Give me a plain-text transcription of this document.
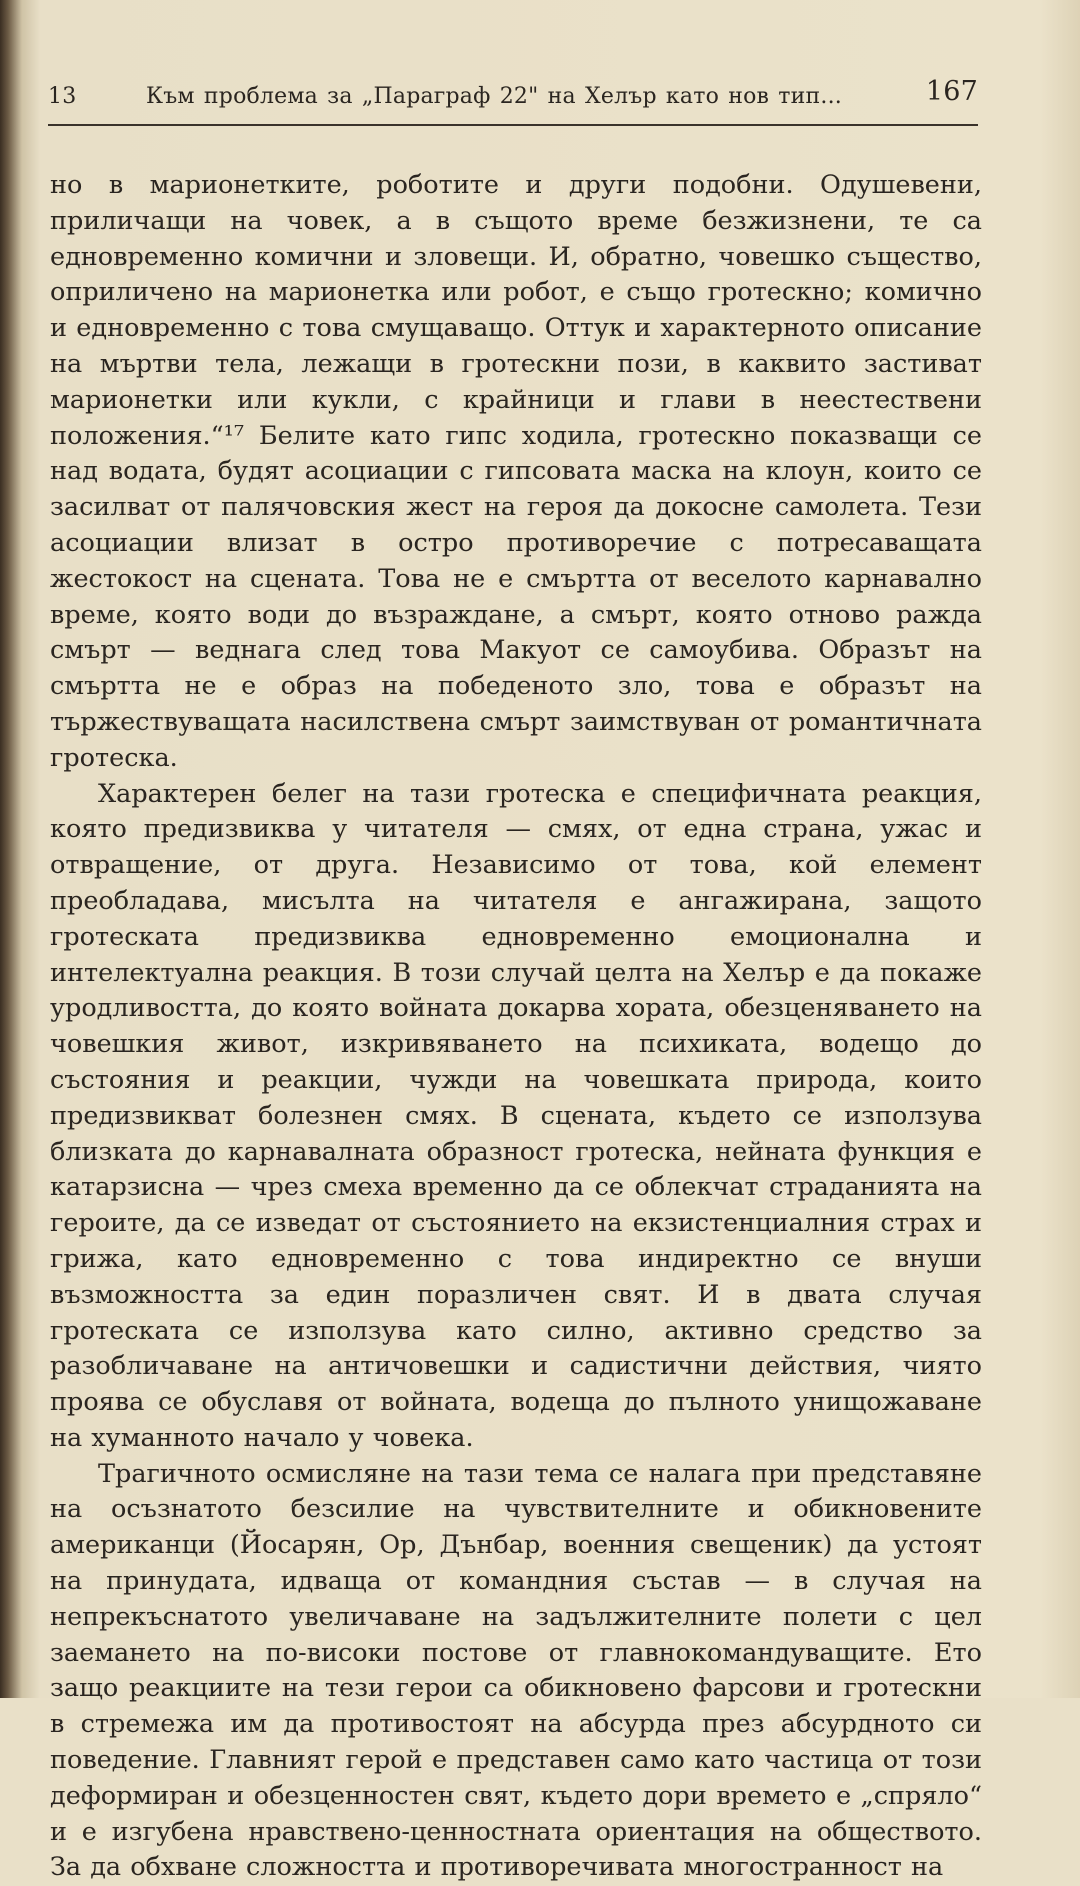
13	Към проблема за „Параграф 22" на Хелър като нов тип...	167

но в марионетките, роботите и други подобни. Одушевени, приличащи на човек, а в същото време безжизнени, те са едновременно комични и зловещи. И, обратно, човешко същество, оприличено на марионетка или робот, е също гротескно; комично и едновременно с това смущаващо. Оттук и характерното описание на мъртви тела, лежащи в гротескни пози, в каквито застиват марионетки или кукли, с крайници и глави в неестествени положения.“¹⁷ Белите като гипс ходила, гротескно показващи се над водата, будят асоциации с гипсовата маска на клоун, които се засилват от палячовския жест на героя да докосне самолета. Тези асоциации влизат в остро противоречие с потресаващата жестокост на сцената. Това не е смъртта от веселото карнавално време, която води до възраждане, а смърт, която отново ражда смърт — веднага след това Макуот се самоубива. Образът на смъртта не е образ на победеното зло, това е образът на тържествуващата насилствена смърт заимствуван от романтичната гротеска.

Характерен белег на тази гротеска е специфичната реакция, която предизвиква у читателя — смях, от една страна, ужас и отвращение, от друга. Независимо от това, кой елемент преобладава, мисълта на читателя е ангажирана, защото гротеската предизвиква едновременно емоционална и интелектуална реакция. В този случай целта на Хелър е да покаже уродливостта, до която войната докарва хората, обезценяването на човешкия живот, изкривяването на психиката, водещо до състояния и реакции, чужди на човешката природа, които предизвикват болезнен смях. В сцената, където се използува близката до карнавалната образност гротеска, нейната функция е катарзисна — чрез смеха временно да се облекчат страданията на героите, да се изведат от състоянието на екзистенциалния страх и грижа, като едновременно с това индиректно се внуши възможността за един поразличен свят. И в двата случая гротеската се използува като силно, активно средство за разобличаване на античовешки и садистични действия, чиято проява се обуславя от войната, водеща до пълното унищожаване на хуманното начало у човека.

Трагичното осмисляне на тази тема се налага при представяне на осъзнатото безсилие на чувствителните и обикновените американци (Йосарян, Ор, Дънбар, военния свещеник) да устоят на принудата, идваща от командния състав — в случая на непрекъснатото увеличаване на задължителните полети с цел заемането на по-високи постове от главнокомандуващите. Ето защо реакциите на тези герои са обикновено фарсови и гротескни в стремежа им да противостоят на абсурда през абсурдното си поведение. Главният герой е представен само като частица от този деформиран и обезценностен свят, където дори времето е „спряло“ и е изгубена нравствено-ценностната ориентация на обществото. За да обхване сложността и противоречивата многостранност на
